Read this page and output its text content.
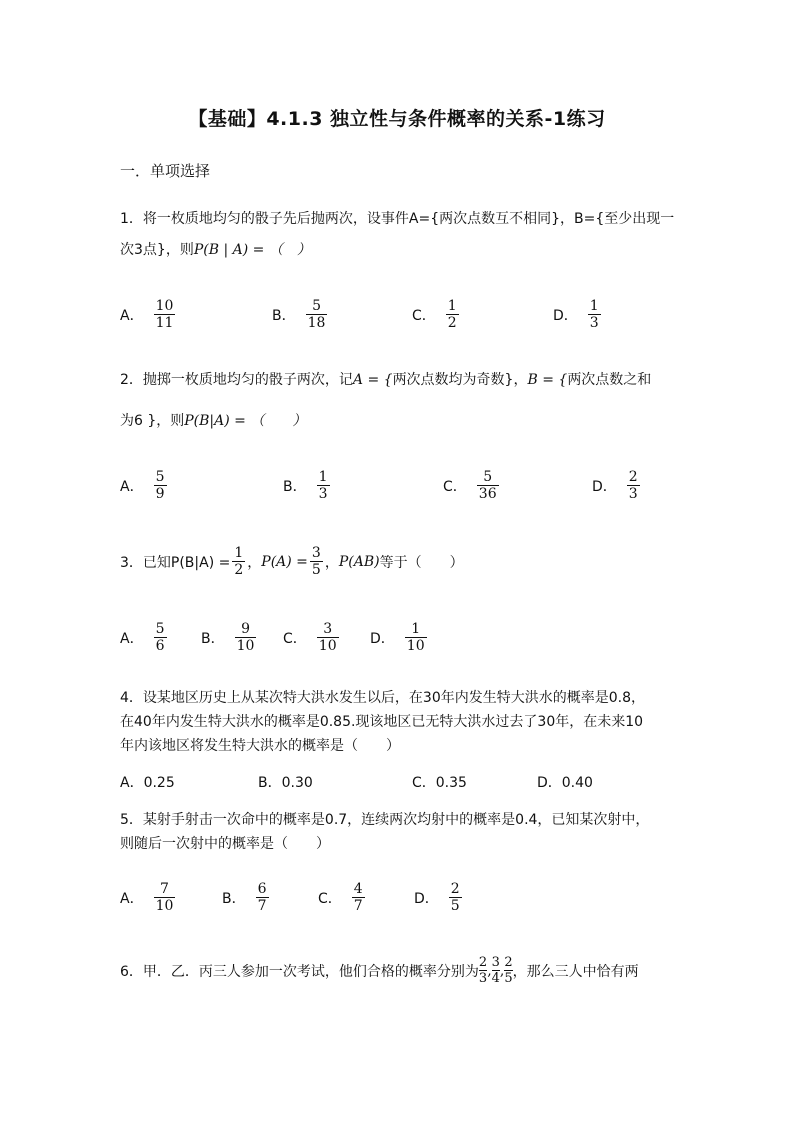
【基础】4.1.3 独立性与条件概率的关系-1练习
一．单项选择
1．将一枚质地均匀的骰子先后抛两次，设事件A={两次点数互不相同}，B={至少出现一
次3点}，则P(B | A) = （　）
A． $\frac{10}{11}$	B． $\frac{5}{18}$	C． $\frac{1}{2}$	D． $\frac{1}{3}$
2．抛掷一枚质地均匀的骰子两次，记A = {两次点数均为奇数}，B = {两次点数之和
为6 }，则P(B|A) = （　　）
A． $\frac{5}{9}$	B． $\frac{1}{3}$	C． $\frac{5}{36}$	D． $\frac{2}{3}$
3．已知$P(B|A) = \frac{1}{2}$ ， $P(A) = \frac{3}{5}$ ， P(AB) 等于（　　）
A． $\frac{5}{6}$ B． $\frac{9}{10}$ C． $\frac{3}{10}$ D． $\frac{1}{10}$
4．设某地区历史上从某次特大洪水发生以后，在30年内发生特大洪水的概率是0.8，
在40年内发生特大洪水的概率是0.85.现该地区已无特大洪水过去了30年，在未来10
年内该地区将发生特大洪水的概率是（　　）
A．0.25	B．0.30	C．0.35	D．0.40
5．某射手射击一次命中的概率是0.7，连续两次均射中的概率是0.4，已知某次射中，
则随后一次射中的概率是（　　）
A． $\frac{7}{10}$	B． $\frac{6}{7}$	C． $\frac{4}{7}$	D． $\frac{2}{5}$
6．甲．乙．丙三人参加一次考试，他们合格的概率分别为 $\frac{2}{3}$ , $\frac{3}{4}$ , $\frac{2}{5}$ ，那么三人中恰有两
